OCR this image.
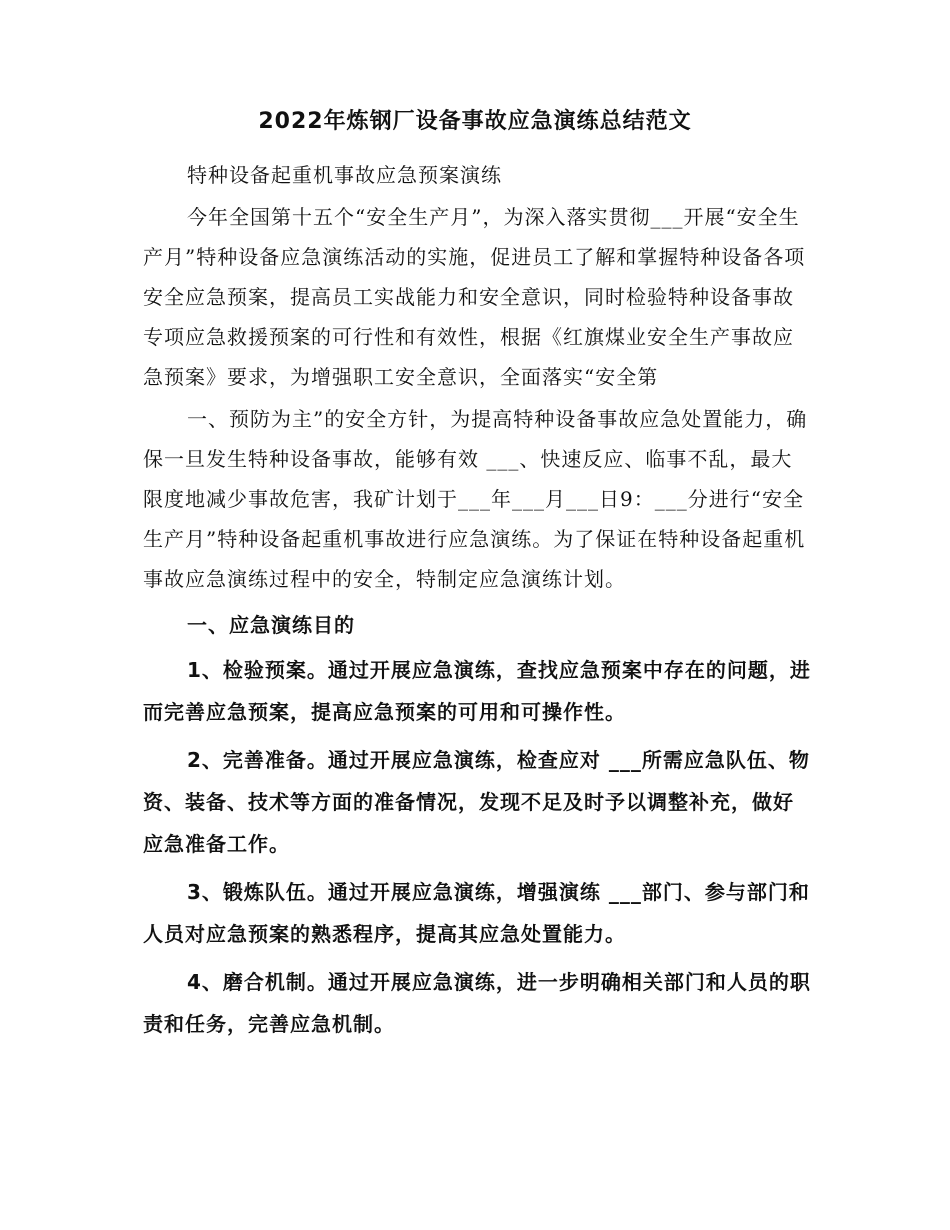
2022年炼钢厂设备事故应急演练总结范文

特种设备起重机事故应急预案演练

今年全国第十五个“安全生产月”，为深入落实贯彻___开展“安全生产月”特种设备应急演练活动的实施，促进员工了解和掌握特种设备各项安全应急预案，提高员工实战能力和安全意识，同时检验特种设备事故专项应急救援预案的可行性和有效性，根据《红旗煤业安全生产事故应急预案》要求，为增强职工安全意识，全面落实“安全第

一、预防为主”的安全方针，为提高特种设备事故应急处置能力，确保一旦发生特种设备事故，能够有效 ___、快速反应、临事不乱，最大限度地减少事故危害，我矿计划于___年___月___日9：___分进行“安全生产月”特种设备起重机事故进行应急演练。为了保证在特种设备起重机事故应急演练过程中的安全，特制定应急演练计划。

一、应急演练目的

1、检验预案。通过开展应急演练，查找应急预案中存在的问题，进而完善应急预案，提高应急预案的可用和可操作性。

2、完善准备。通过开展应急演练，检查应对 ___所需应急队伍、物资、装备、技术等方面的准备情况，发现不足及时予以调整补充，做好应急准备工作。

3、锻炼队伍。通过开展应急演练，增强演练 ___部门、参与部门和人员对应急预案的熟悉程序，提高其应急处置能力。

4、磨合机制。通过开展应急演练，进一步明确相关部门和人员的职责和任务，完善应急机制。
